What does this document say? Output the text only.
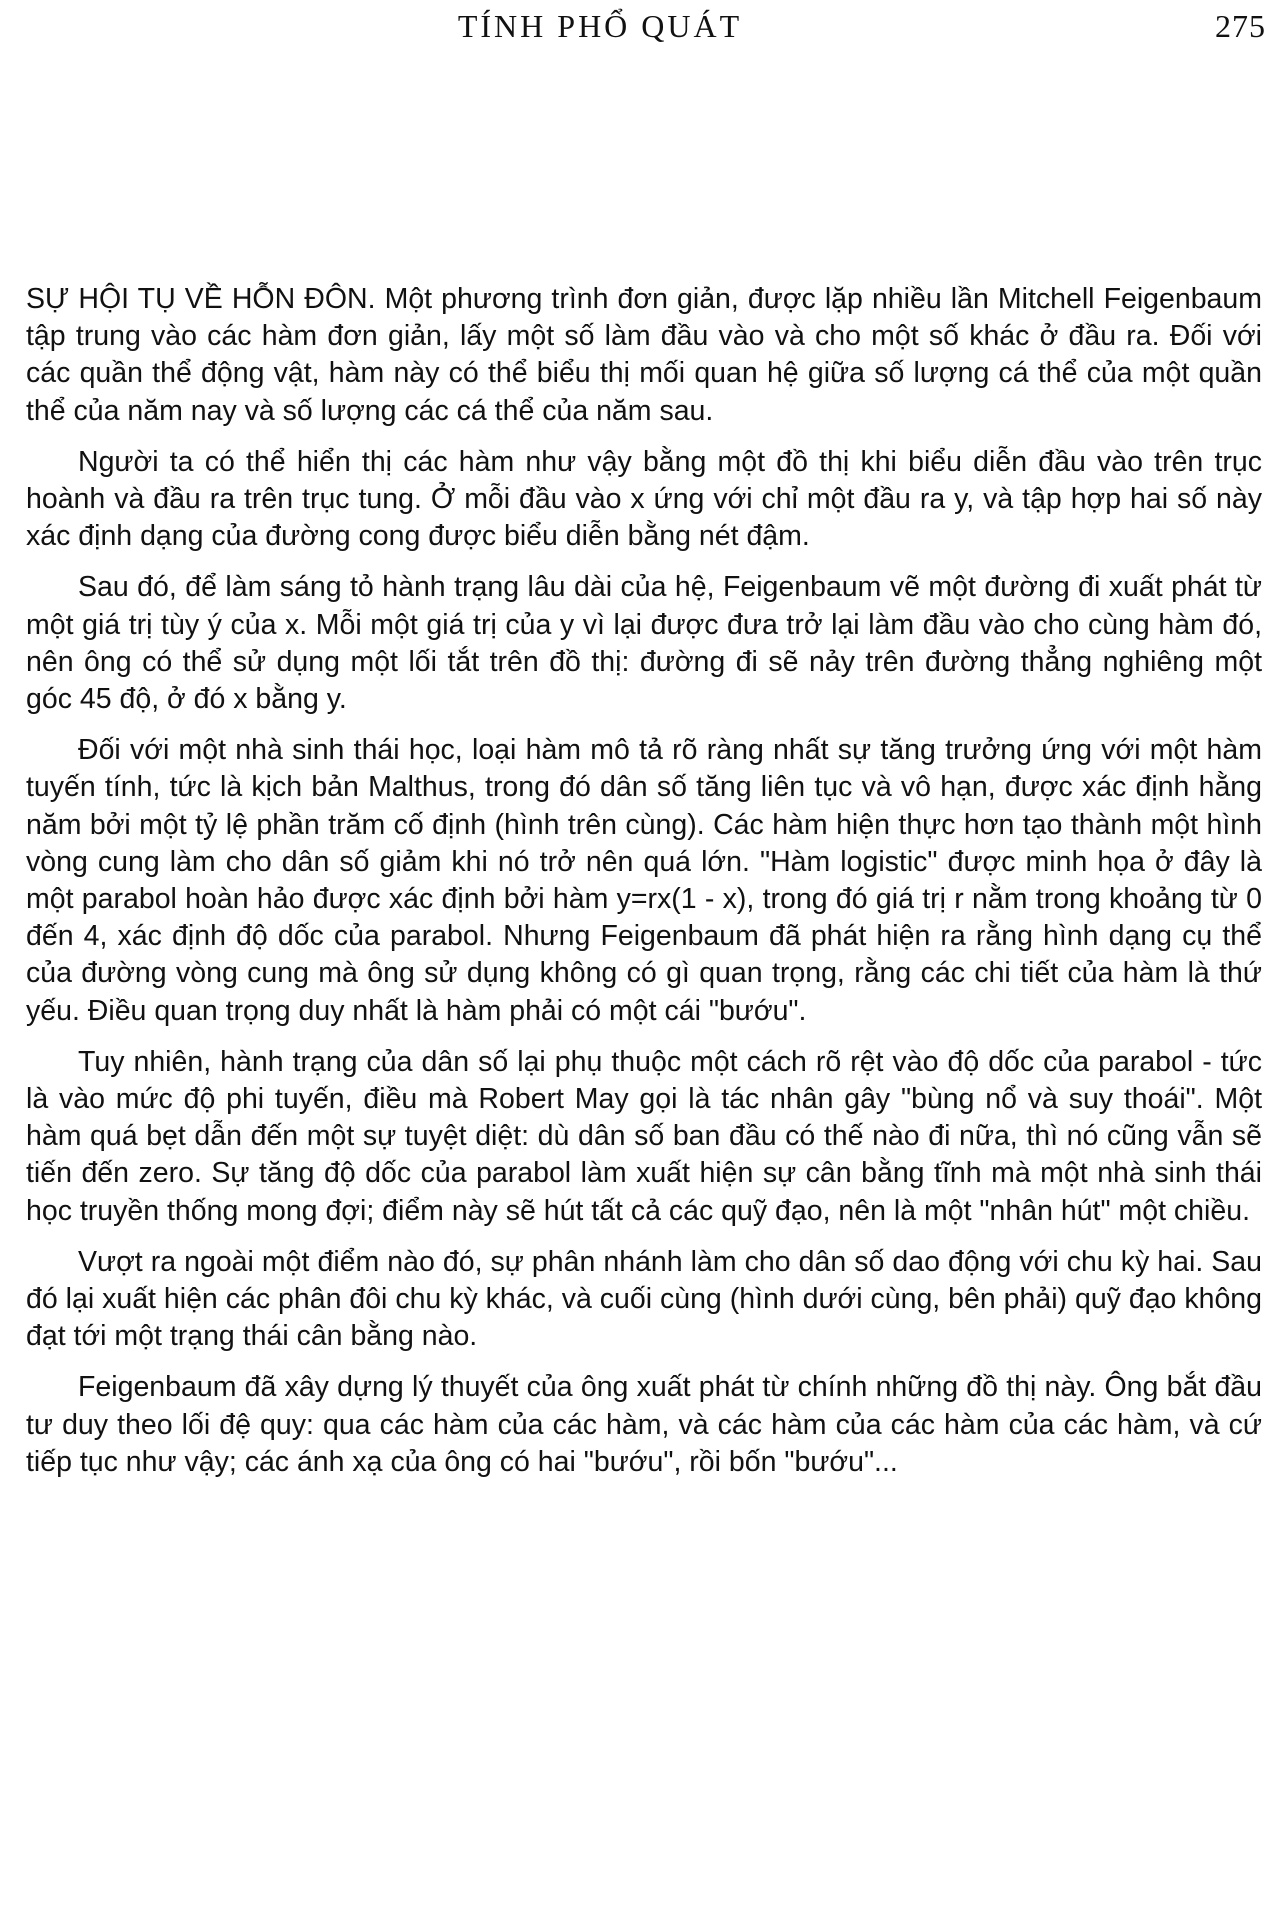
TÍNH PHỔ QUÁT	275

SỰ HỘI TỤ VỀ HỖN ĐÔN. Một phương trình đơn giản, được lặp nhiều lần Mitchell Feigenbaum tập trung vào các hàm đơn giản, lấy một số làm đầu vào và cho một số khác ở đầu ra. Đối với các quần thể động vật, hàm này có thể biểu thị mối quan hệ giữa số lượng cá thể của một quần thể của năm nay và số lượng các cá thể của năm sau.

Người ta có thể hiển thị các hàm như vậy bằng một đồ thị khi biểu diễn đầu vào trên trục hoành và đầu ra trên trục tung. Ở mỗi đầu vào x ứng với chỉ một đầu ra y, và tập hợp hai số này xác định dạng của đường cong được biểu diễn bằng nét đậm.

Sau đó, để làm sáng tỏ hành trạng lâu dài của hệ, Feigenbaum vẽ một đường đi xuất phát từ một giá trị tùy ý của x. Mỗi một giá trị của y vì lại được đưa trở lại làm đầu vào cho cùng hàm đó, nên ông có thể sử dụng một lối tắt trên đồ thị: đường đi sẽ nảy trên đường thẳng nghiêng một góc 45 độ, ở đó x bằng y.

Đối với một nhà sinh thái học, loại hàm mô tả rõ ràng nhất sự tăng trưởng ứng với một hàm tuyến tính, tức là kịch bản Malthus, trong đó dân số tăng liên tục và vô hạn, được xác định hằng năm bởi một tỷ lệ phần trăm cố định (hình trên cùng). Các hàm hiện thực hơn tạo thành một hình vòng cung làm cho dân số giảm khi nó trở nên quá lớn. "Hàm logistic" được minh họa ở đây là một parabol hoàn hảo được xác định bởi hàm y=rx(1 - x), trong đó giá trị r nằm trong khoảng từ 0 đến 4, xác định độ dốc của parabol. Nhưng Feigenbaum đã phát hiện ra rằng hình dạng cụ thể của đường vòng cung mà ông sử dụng không có gì quan trọng, rằng các chi tiết của hàm là thứ yếu. Điều quan trọng duy nhất là hàm phải có một cái "bướu".

Tuy nhiên, hành trạng của dân số lại phụ thuộc một cách rõ rệt vào độ dốc của parabol - tức là vào mức độ phi tuyến, điều mà Robert May gọi là tác nhân gây "bùng nổ và suy thoái". Một hàm quá bẹt dẫn đến một sự tuyệt diệt: dù dân số ban đầu có thế nào đi nữa, thì nó cũng vẫn sẽ tiến đến zero. Sự tăng độ dốc của parabol làm xuất hiện sự cân bằng tĩnh mà một nhà sinh thái học truyền thống mong đợi; điểm này sẽ hút tất cả các quỹ đạo, nên là một "nhân hút" một chiều.

Vượt ra ngoài một điểm nào đó, sự phân nhánh làm cho dân số dao động với chu kỳ hai. Sau đó lại xuất hiện các phân đôi chu kỳ khác, và cuối cùng (hình dưới cùng, bên phải) quỹ đạo không đạt tới một trạng thái cân bằng nào.

Feigenbaum đã xây dựng lý thuyết của ông xuất phát từ chính những đồ thị này. Ông bắt đầu tư duy theo lối đệ quy: qua các hàm của các hàm, và các hàm của các hàm của các hàm, và cứ tiếp tục như vậy; các ánh xạ của ông có hai "bướu", rồi bốn "bướu"...
